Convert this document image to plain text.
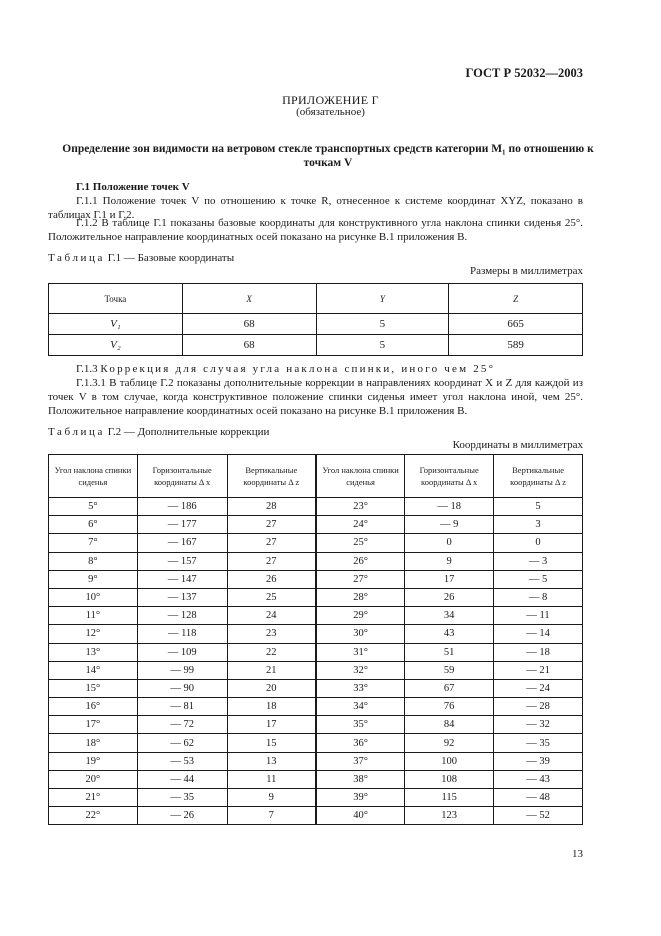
ГОСТ Р 52032—2003
ПРИЛОЖЕНИЕ Г
(обязательное)
Определение зон видимости на ветровом стекле транспортных средств категории M₁ по отношению к
точкам V
Г.1 Положение точек V
Г.1.1 Положение точек V по отношению к точке R, отнесенное к системе координат XYZ, показано в таблицах Г.1 и Г.2.
Г.1.2 В таблице Г.1 показаны базовые координаты для конструктивного угла наклона спинки сиденья 25°. Положительное направление координатных осей показано на рисунке В.1 приложения В.
Таблица Г.1 — Базовые координаты
Размеры в миллиметрах
Точка	X	Y	Z
V₁	68	5	665
V₂	68	5	589
Г.1.3 Коррекция для случая угла наклона спинки, иного чем 25°
Г.1.3.1 В таблице Г.2 показаны дополнительные коррекции в направлениях координат X и Z для каждой из точек V в том случае, когда конструктивное положение спинки сиденья имеет угол наклона иной, чем 25°. Положительное направление координатных осей показано на рисунке В.1 приложения В.
Таблица Г.2 — Дополнительные коррекции
Координаты в миллиметрах
Угол наклона спинки сиденья	Горизонтальные координаты Δ x	Вертикальные координаты Δ z	Угол наклона спинки сиденья	Горизонтальные координаты Δ x	Вертикальные координаты Δ z
5°	— 186	28	23°	— 18	5
6°	— 177	27	24°	— 9	3
7°	— 167	27	25°	0	0
8°	— 157	27	26°	9	— 3
9°	— 147	26	27°	17	— 5
10°	— 137	25	28°	26	— 8
11°	— 128	24	29°	34	— 11
12°	— 118	23	30°	43	— 14
13°	— 109	22	31°	51	— 18
14°	— 99	21	32°	59	— 21
15°	— 90	20	33°	67	— 24
16°	— 81	18	34°	76	— 28
17°	— 72	17	35°	84	— 32
18°	— 62	15	36°	92	— 35
19°	— 53	13	37°	100	— 39
20°	— 44	11	38°	108	— 43
21°	— 35	9	39°	115	— 48
22°	— 26	7	40°	123	— 52
13
